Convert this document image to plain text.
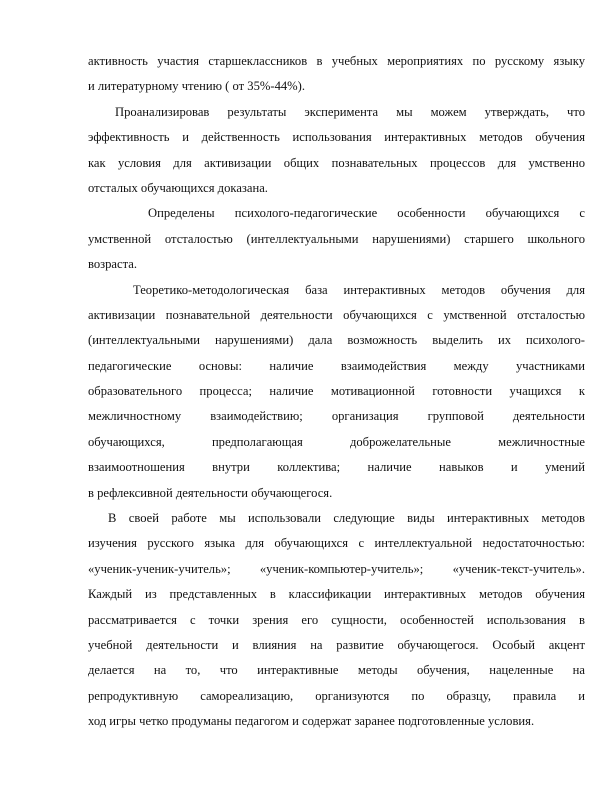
активность участия старшеклассников в учебных мероприятиях по русскому языку
и литературному чтению ( от 35%-44%).
Проанализировав результаты эксперимента мы можем утверждать, что
эффективность и действенность использования интерактивных методов обучения
как условия для активизации общих познавательных процессов для умственно
отсталых обучающихся доказана.
Определены психолого-педагогические особенности обучающихся с
умственной отсталостью (интеллектуальными нарушениями) старшего школьного
возраста.
Теоретико-методологическая база интерактивных методов обучения для
активизации познавательной деятельности обучающихся с умственной отсталостью
(интеллектуальными нарушениями) дала возможность выделить их психолого-
педагогические основы: наличие взаимодействия между участниками
образовательного процесса; наличие мотивационной готовности учащихся к
межличностному взаимодействию; организация групповой деятельности
обучающихся, предполагающая доброжелательные межличностные
взаимоотношения внутри коллектива; наличие навыков и умений
в рефлексивной деятельности обучающегося.
В своей работе мы использовали следующие виды интерактивных методов
изучения русского языка для обучающихся с интеллектуальной недостаточностью:
«ученик-ученик-учитель»; «ученик-компьютер-учитель»; «ученик-текст-учитель».
Каждый из представленных в классификации интерактивных методов обучения
рассматривается с точки зрения его сущности, особенностей использования в
учебной деятельности и влияния на развитие обучающегося. Особый акцент
делается на то, что интерактивные методы обучения, нацеленные на
репродуктивную самореализацию, организуются по образцу, правила и
ход игры четко продуманы педагогом и содержат заранее подготовленные условия.
